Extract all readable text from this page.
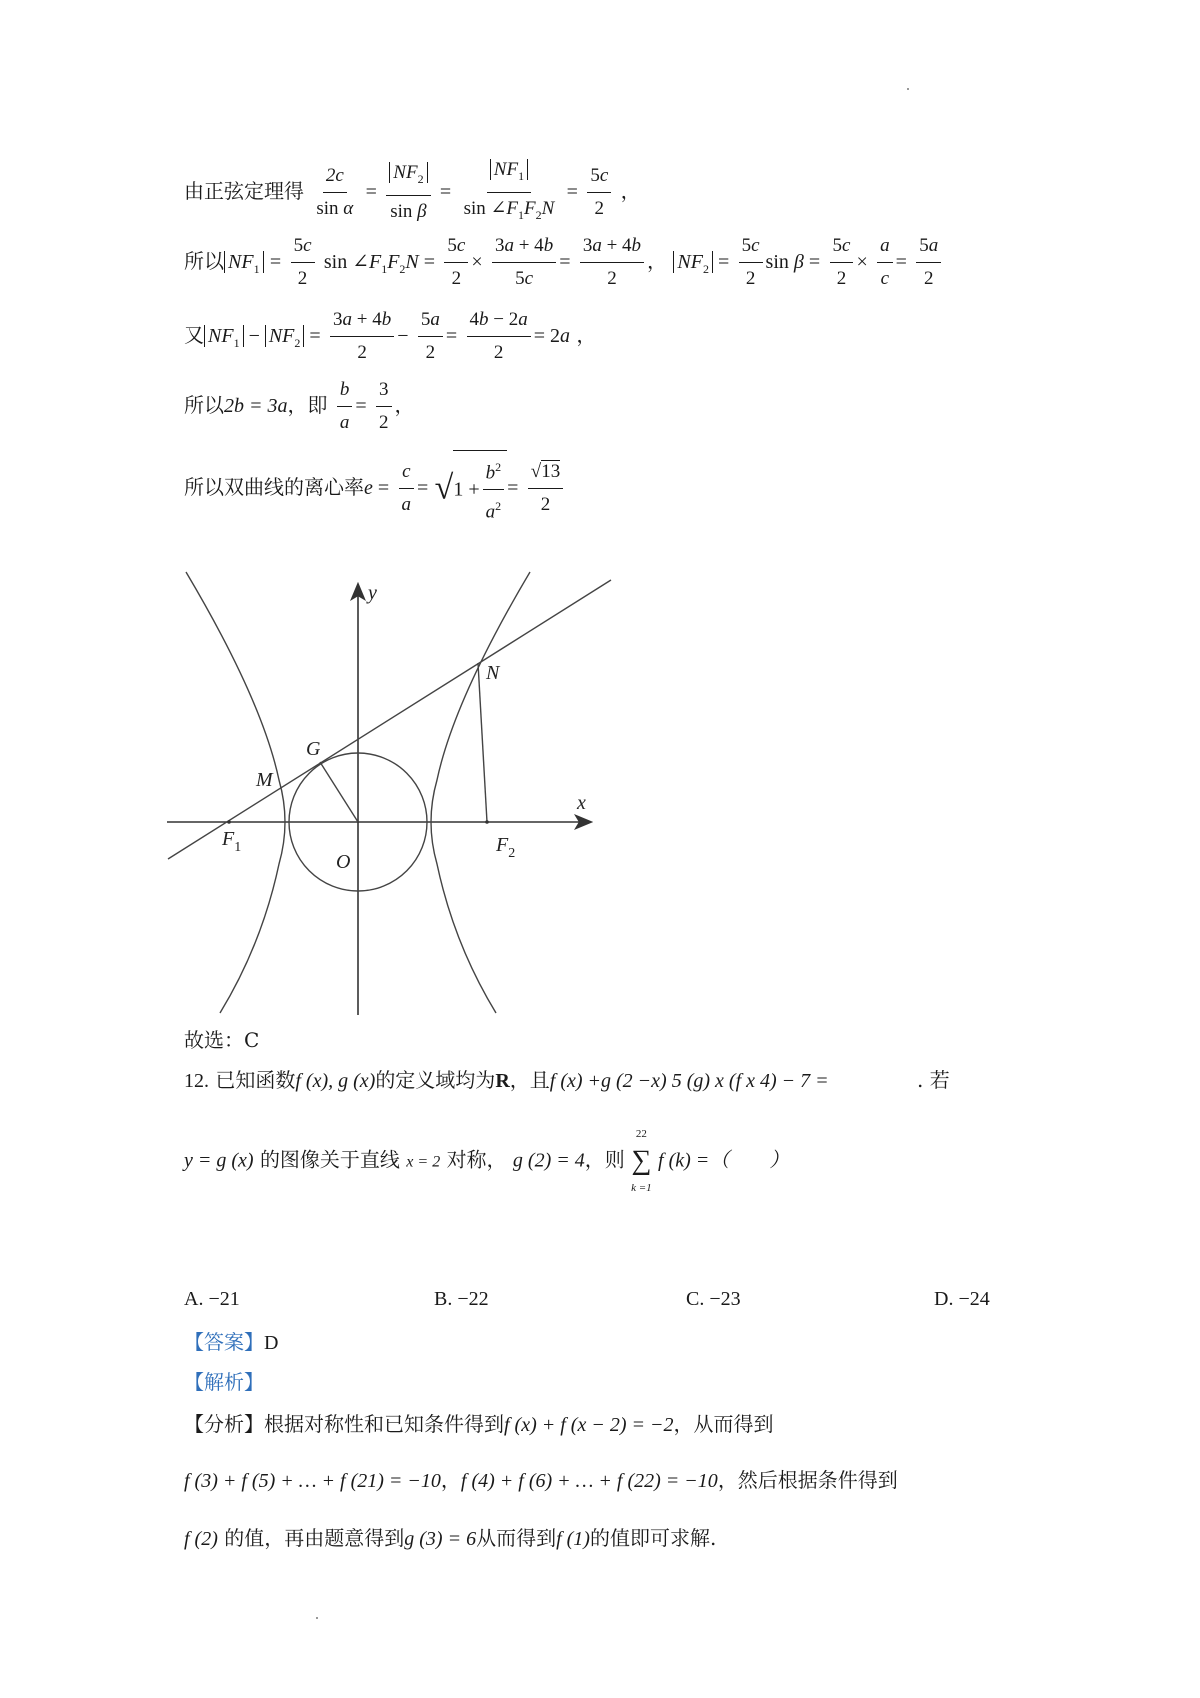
由正弦定理得 $\frac{2c}{\text{sin α}} = \frac{NF_2}{\text{sin β}} = \frac{NF_1}{\sin \angle F_1F_2N} = \frac{5c}{2}$ ，
所以 $NF_1 = \frac{5c}{2}$ $\sin \angle F_1F_2N = \frac{5c}{2} \times \frac{3a + 4b}{5c} = \frac{3a + 4b}{2}$ ， $NF_2 = \frac{5c}{2}$ $\sin \beta = \frac{5c}{2} \times \frac{a}{c} = \frac{5a}{2}$
又 $NF_1 - NF_2 = \frac{3a + 4b}{2} - \frac{5a}{2} = \frac{4b - 2a}{2} = 2a$ ，
所以2b = 3a，即 $\frac{b}{a} = \frac{3}{2}$ ，
所以双曲线的离心率$e = \frac{c}{a} = √1 + \frac{b^2}{a^2} = \frac{√13}{2}$
y
x
N
G
M
O
$F_1$	$F_2$
故选：C
12. 已知函数f (x), g (x)的定义域均为R，且f (x) +g (2 −x) 5 (g) x (f x 4) − 7 =	. 若
y = g (x) 的图像关于直线 x = 2 对称， g (2) = 4，则
22
∑
k =1
f (k) =（　　）
A. −21	B. −22	C. −23	D. −24
【答案】D
【解析】
【分析】根据对称性和已知条件得到f (x) + f (x − 2) = −2，从而得到
f (3) + f (5) + … + f (21) = −10，f (4) + f (6) + … + f (22) = −10，然后根据条件得到
f (2) 的值，再由题意得到g (3) = 6从而得到f (1)的值即可求解.
